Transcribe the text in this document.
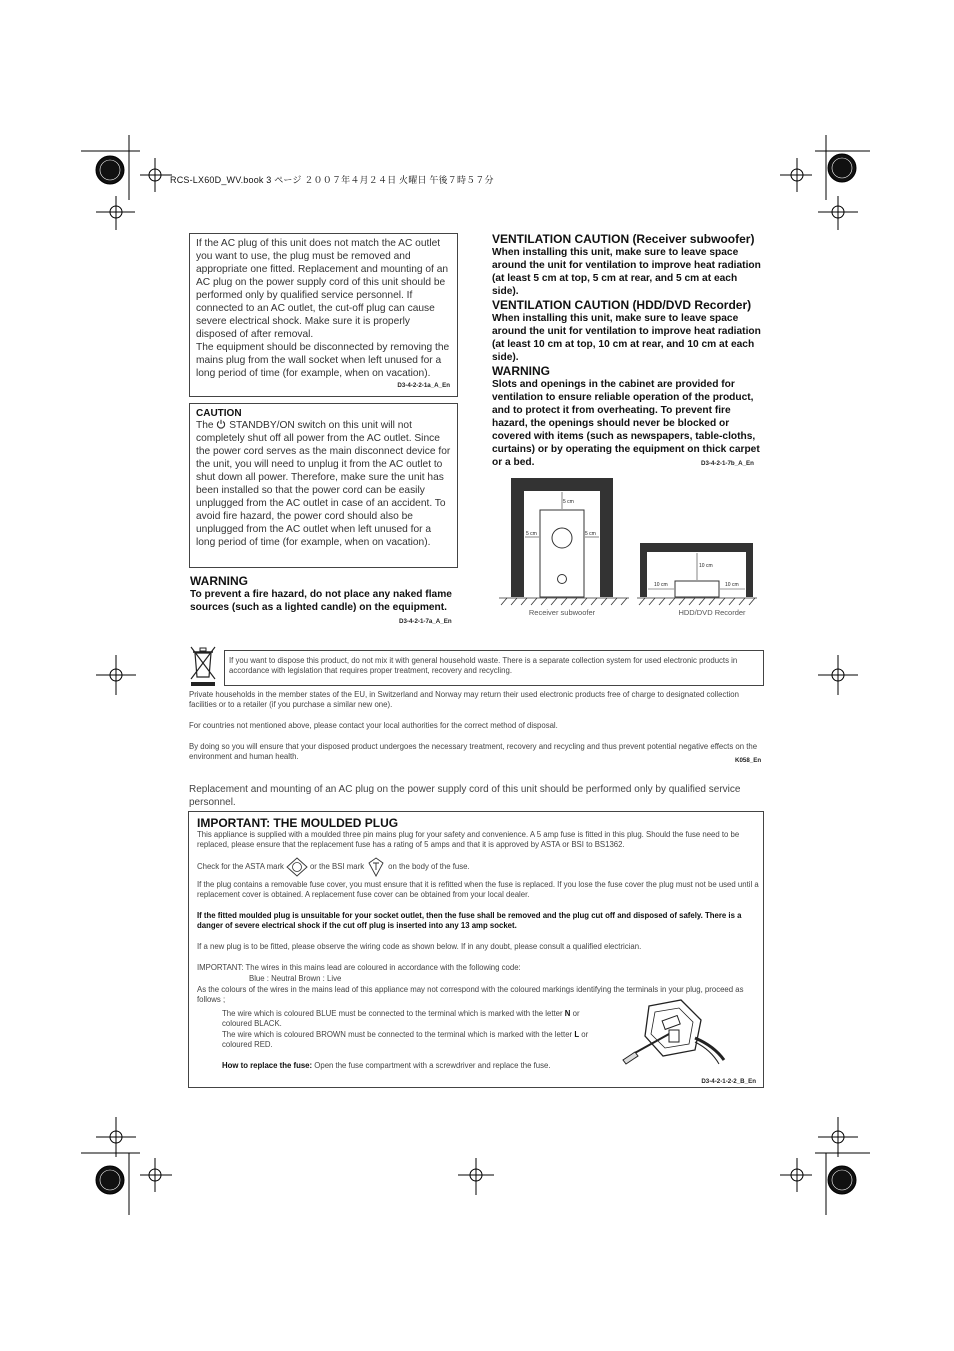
RCS-LX60D_WV.book 3 ページ ２００７年４月２４日 火曜日 午後７時５７分
If the AC plug of this unit does not match the AC outlet you want to use, the plug must be removed and appropriate one fitted. Replacement and mounting of an AC plug on the power supply cord of this unit should be performed only by qualified service personnel. If connected to an AC outlet, the cut-off plug can cause severe electrical shock. Make sure it is properly disposed of after removal.
The equipment should be disconnected by removing the mains plug from the wall socket when left unused for a long period of time (for example, when on vacation).
D3-4-2-2-1a_A_En
CAUTION
The STANDBY/ON switch on this unit will not completely shut off all power from the AC outlet. Since the power cord serves as the main disconnect device for the unit, you will need to unplug it from the AC outlet to shut down all power. Therefore, make sure the unit has been installed so that the power cord can be easily unplugged from the AC outlet in case of an accident. To avoid fire hazard, the power cord should also be unplugged from the AC outlet when left unused for a long period of time (for example, when on vacation).
WARNING
To prevent a fire hazard, do not place any naked flame sources (such as a lighted candle) on the equipment.
D3-4-2-1-7a_A_En
VENTILATION CAUTION (Receiver subwoofer)
When installing this unit, make sure to leave space around the unit for ventilation to improve heat radiation (at least 5 cm at top, 5 cm at rear, and 5 cm at each side).
VENTILATION CAUTION (HDD/DVD Recorder)
When installing this unit, make sure to leave space around the unit for ventilation to improve heat radiation (at least 10 cm at top, 10 cm at rear, and 10 cm at each side).
WARNING
Slots and openings in the cabinet are provided for ventilation to ensure reliable operation of the product, and to protect it from overheating. To prevent fire hazard, the openings should never be blocked or covered with items (such as newspapers, table-cloths, curtains) or by operating the equipment on thick carpet or a bed.	D3-4-2-1-7b_A_En
5 cm
5 cm	5 cm
10 cm
10 cm	10 cm
Receiver subwoofer	HDD/DVD Recorder
If you want to dispose this product, do not mix it with general household waste. There is a separate collection system for used electronic products in accordance with legislation that requires proper treatment, recovery and recycling.
Private households in the member states of the EU, in Switzerland and Norway may return their used electronic products free of charge to designated collection facilities or to a retailer (if you purchase a similar new one).
For countries not mentioned above, please contact your local authorities for the correct method of disposal.
By doing so you will ensure that your disposed product undergoes the necessary treatment, recovery and recycling and thus prevent potential negative effects on the environment and human health.	K058_En
Replacement and mounting of an AC plug on the power supply cord of this unit should be performed only by qualified service personnel.
IMPORTANT: THE MOULDED PLUG
This appliance is supplied with a moulded three pin mains plug for your safety and convenience. A 5 amp fuse is fitted in this plug. Should the fuse need to be replaced, please ensure that the replacement fuse has a rating of 5 amps and that it is approved by ASTA or BSI to BS1362.
Check for the ASTA mark	or the BSI mark	on the body of the fuse.
If the plug contains a removable fuse cover, you must ensure that it is refitted when the fuse is replaced. If you lose the fuse cover the plug must not be used until a replacement cover is obtained. A replacement fuse cover can be obtained from your local dealer.
If the fitted moulded plug is unsuitable for your socket outlet, then the fuse shall be removed and the plug cut off and disposed of safely. There is a danger of severe electrical shock if the cut off plug is inserted into any 13 amp socket.
If a new plug is to be fitted, please observe the wiring code as shown below. If in any doubt, please consult a qualified electrician.
IMPORTANT: The wires in this mains lead are coloured in accordance with the following code:
Blue : Neutral Brown : Live
As the colours of the wires in the mains lead of this appliance may not correspond with the coloured markings identifying the terminals in your plug, proceed as follows ;
The wire which is coloured BLUE must be connected to the terminal which is marked with the letter N or coloured BLACK.
The wire which is coloured BROWN must be connected to the terminal which is marked with the letter L or coloured RED.
How to replace the fuse: Open the fuse compartment with a screwdriver and replace the fuse.
D3-4-2-1-2-2_B_En
